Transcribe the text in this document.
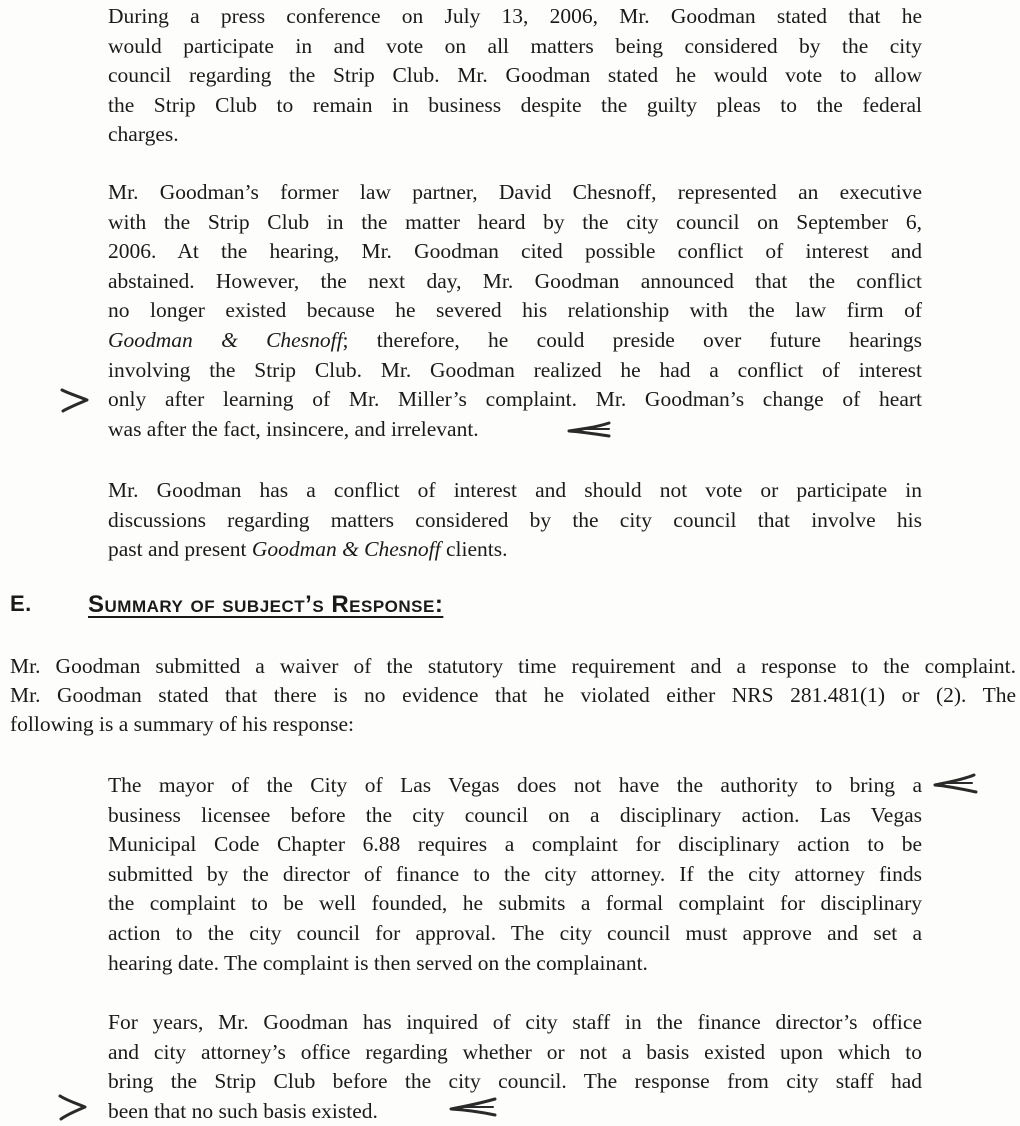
During a press conference on July 13, 2006, Mr. Goodman stated that he
would participate in and vote on all matters being considered by the city
council regarding the Strip Club. Mr. Goodman stated he would vote to allow
the Strip Club to remain in business despite the guilty pleas to the federal
charges.

Mr. Goodman’s former law partner, David Chesnoff, represented an executive
with the Strip Club in the matter heard by the city council on September 6,
2006. At the hearing, Mr. Goodman cited possible conflict of interest and
abstained. However, the next day, Mr. Goodman announced that the conflict
no longer existed because he severed his relationship with the law firm of
Goodman & Chesnoff; therefore, he could preside over future hearings
involving the Strip Club. Mr. Goodman realized he had a conflict of interest
only after learning of Mr. Miller’s complaint. Mr. Goodman’s change of heart
was after the fact, insincere, and irrelevant.

Mr. Goodman has a conflict of interest and should not vote or participate in
discussions regarding matters considered by the city council that involve his
past and present Goodman & Chesnoff clients.

E. Summary of subject’s Response:

Mr. Goodman submitted a waiver of the statutory time requirement and a response to the complaint.
Mr. Goodman stated that there is no evidence that he violated either NRS 281.481(1) or (2). The
following is a summary of his response:

The mayor of the City of Las Vegas does not have the authority to bring a
business licensee before the city council on a disciplinary action. Las Vegas
Municipal Code Chapter 6.88 requires a complaint for disciplinary action to be
submitted by the director of finance to the city attorney. If the city attorney finds
the complaint to be well founded, he submits a formal complaint for disciplinary
action to the city council for approval. The city council must approve and set a
hearing date. The complaint is then served on the complainant.

For years, Mr. Goodman has inquired of city staff in the finance director’s office
and city attorney’s office regarding whether or not a basis existed upon which to
bring the Strip Club before the city council. The response from city staff had
been that no such basis existed.
